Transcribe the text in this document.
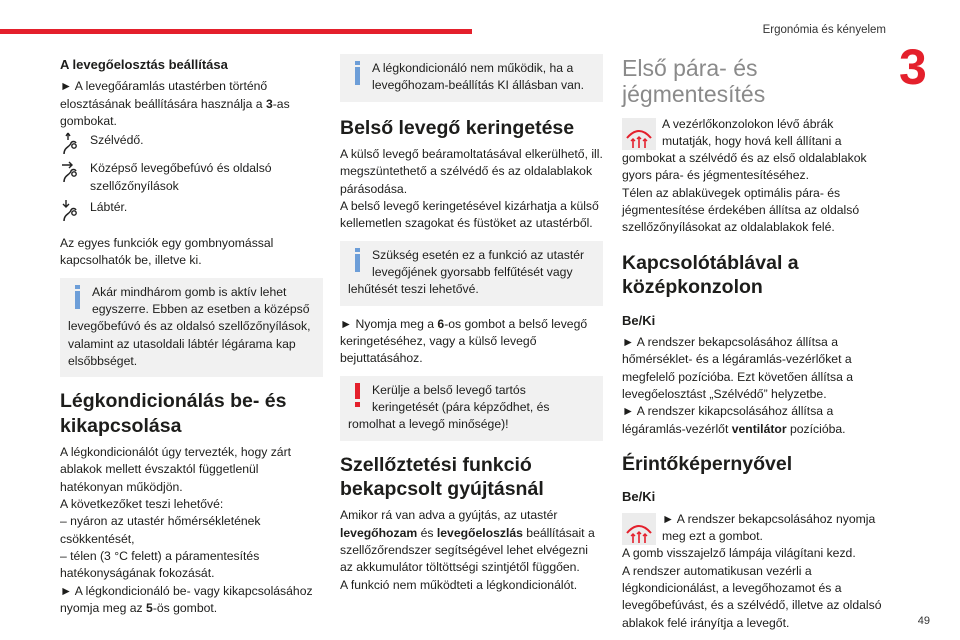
Ergonómia és kényelem
3
49
A levegőelosztás beállítása

► A levegőáramlás utastérben történő elosztásának beállítására használja a 3-as gombokat.

Szélvédő.
Középső levegőbefúvó és oldalsó szellőzőnyílások
Lábtér.

Az egyes funkciók egy gombnyomással kapcsolhatók be, illetve ki.

Akár mindhárom gomb is aktív lehet egyszerre. Ebben az esetben a középső levegőbefúvó és az oldalsó szellőzőnyílások, valamint az utasoldali lábtér légárama kap elsőbbséget.
Légkondicionálás be- és kikapcsolása

A légkondicionálót úgy tervezték, hogy zárt ablakok mellett évszaktól függetlenül hatékonyan működjön.

A következőket teszi lehetővé:

– nyáron az utastér hőmérsékletének csökkentését,

– télen (3 °C felett) a páramentesítés hatékonyságának fokozását.

► A légkondicionáló be- vagy kikapcsolásához nyomja meg az 5-ös gombot.

A légkondicionáló nem működik, ha a levegőhozam-beállítás KI állásban van.
Belső levegő keringetése

A külső levegő beáramoltatásával elkerülhető, ill. megszüntethető a szélvédő és az oldalablakok párásodása.

A belső levegő keringetésével kizárhatja a külső kellemetlen szagokat és füstöket az utastérből.

Szükség esetén ez a funkció az utastér levegőjének gyorsabb felfűtését vagy lehűtését teszi lehetővé.

► Nyomja meg a 6-os gombot a belső levegő keringetéséhez, vagy a külső levegő bejuttatásához.

Kerülje a belső levegő tartós keringetését (pára képződhet, és romolhat a levegő minősége)!
Szellőztetési funkció bekapcsolt gyújtásnál

Amikor rá van adva a gyújtás, az utastér levegőhozam és levegőeloszlás beállításait a szellőzőrendszer segítségével lehet elvégezni az akkumulátor töltöttségi szintjétől függően.

A funkció nem működteti a légkondicionálót.

Első pára- és jégmentesítés

A vezérlőkonzolokon lévő ábrák mutatják, hogy hová kell állítani a gombokat a szélvédő és az első oldalablakok gyors pára- és jégmentesítéséhez.

Télen az ablaküvegek optimális pára- és jégmentesítése érdekében állítsa az oldalsó szellőzőnyílásokat az oldalablakok felé.

Kapcsolótáblával a középkonzolon
Be/Ki

► A rendszer bekapcsolásához állítsa a hőmérséklet- és a légáramlás-vezérlőket a megfelelő pozícióba. Ezt követően állítsa a levegőelosztást „Szélvédő” helyzetbe.

► A rendszer kikapcsolásához állítsa a légáramlás-vezérlőt ventilátor pozícióba.

Érintőképernyővel
Be/Ki

► A rendszer bekapcsolásához nyomja meg ezt a gombot.

A gomb visszajelző lámpája világítani kezd.

A rendszer automatikusan vezérli a légkondicionálást, a levegőhozamot és a levegőbefúvást, és a szélvédő, illetve az oldalsó ablakok felé irányítja a levegőt.
